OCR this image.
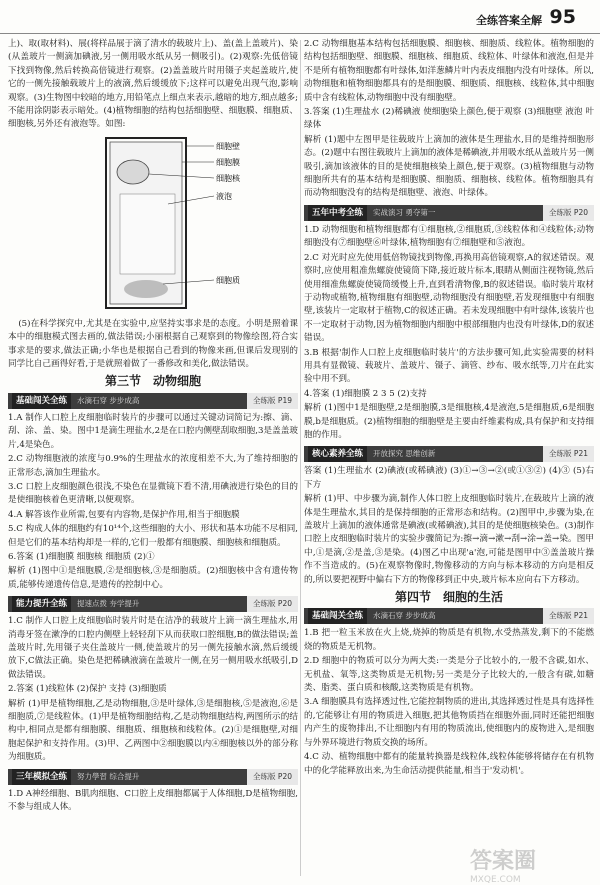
全练答案全解 95

上)、取(取材料)、展(将样品展于滴了清水的载玻片上)、盖(盖上盖玻片)、染(从盖玻片一侧滴加碘液,另一侧用吸水纸从另一侧吸引)。(2)观察:先低倍镜下找到物像,然后转换高倍镜进行观察。(2)盖盖玻片时用镊子夹起盖玻片,使它的一侧先接触载玻片上的液滴,然后缓缓放下;这样可以避免出现气泡,影响观察。(3)生物图中较暗的地方,用铅笔点上细点来表示,越暗的地方,细点越多;不能用涂阴影表示暗处。(4)植物细胞的结构包括细胞壁、细胞膜、细胞质、细胞核,另外还有液泡等。如图:

细胞壁
细胞膜
细胞核
液泡
细胞质

(5)在科学探究中,尤其是在实验中,应坚持实事求是的态度。小明是照着课本中的细胞模式图去画的,做法错误;小丽根据自己观察到的物像绘图,符合实事求是的要求,做法正确;小华也是根据自己看到的物像来画,但课后发现别的同学比自己画得好看,于是就照着做了一番修改和美化,做法错误。

第三节 动物细胞
基础闯关全练	水滴石穿 步步成高	全练版 P19

1.A 制作人口腔上皮细胞临时装片的步骤可以通过关键动词简记为:擦、滴、刮、涂、盖、染。图中1是滴生理盐水,2是在口腔内侧壁刮取细胞,3是盖盖玻片,4是染色。

2.C 动物细胞液的浓度与0.9%的生理盐水的浓度相差不大,为了维持细胞的正常形态,滴加生理盐水。

3.C 口腔上皮细胞颜色很浅,不染色在显微镜下看不清,用碘液进行染色的目的是使细胞核着色更清晰,以便观察。

4.A 解答该作业所需,包要有内容物,是保护作用,相当于细胞膜

5.C 构成人体的细胞约有10¹⁴个,这些细胞的大小、形状和基本功能不尽相同,但是它们的基本结构却是一样的,它们一般都有细胞膜、细胞核和细胞质。

6.答案 (1)细胞膜 细胞核 细胞质 (2)①

解析 (1)图中①是细胞膜,②是细胞核,③是细胞质。(2)细胞核中含有遗传物质,能够传递遗传信息,是遗传的控制中心。

能力提升全练	提速点拨 夯学提升	全练版 P20

1.C 制作人口腔上皮细胞临时装片时是在洁净的载玻片上滴一滴生理盐水,用消毒牙签在漱净的口腔内侧壁上轻轻刮下从而获取口腔细胞,B的做法错误;盖盖玻片时,先用镊子夹住盖玻片一侧,使盖玻片的另一侧先接触水滴,然后缓缓放下,C做法正确。染色是把稀碘液滴在盖玻片一侧,在另一侧用吸水纸吸引,D做法错误。

2.答案 (1)线粒体 (2)保护 支持 (3)细胞质

解析 (1)甲是植物细胞,乙是动物细胞,③是叶绿体,③是细胞核,⑤是液泡,⑥是细胞质,⑦是线粒体。(1)甲是植物细胞结构,乙是动物细胞结构,两图所示的结构中,相同点是都有细胞膜、细胞质、细胞核和线粒体。(2)①是细胞壁,对细胞起保护和支持作用。(3)甲、乙两图中②细胞膜以内④细胞核以外的部分称为细胞质。

三年模拟全练	努力學習 综合提升	全练版 P20

1.D A神经细胞、B肌肉细胞、C口腔上皮细胞都属于人体细胞,D是植物细胞,不参与组成人体。

2.C 动物细胞基本结构包括细胞膜、细胞核、细胞质、线粒体。植物细胞的结构包括细胞壁、细胞膜、细胞核、细胞质、线粒体、叶绿体和液泡,但是并不是所有植物细胞都有叶绿体,如洋葱鳞片叶内表皮细胞内没有叶绿体。所以,动物细胞和植物细胞都具有的是细胞膜、细胞质、细胞核、线粒体,其中细胞质中含有线粒体,动物细胞中没有细胞壁。

3.答案 (1)生理盐水 (2)稀碘液 使细胞染上颜色,便于观察 (3)细胞壁 液泡 叶绿体

解析 (1)题中左图甲是往载玻片上滴加的液体是生理盐水,目的是维持细胞形态。(2)题中右图往载玻片上滴加的液体是稀碘液,并用吸水纸从盖玻片另一侧吸引,滴加该液体的目的是使细胞核染上颜色,便于观察。(3)植物细胞与动物细胞所共有的基本结构是细胞膜、细胞质、细胞核、线粒体。植物细胞具有而动物细胞没有的结构是细胞壁、液泡、叶绿体。

五年中考全练	实战演习 勇夺第一	全练版 P20

1.D 动物细胞和植物细胞都有①细胞核,②细胞质,③线粒体和④线粒体;动物细胞没有⑦细胞壁⑥叶绿体,植物细胞有⑦细胞壁和⑤液泡。

2.C 对光时应先使用低倍物镜找到物像,再换用高倍镜观察,A的叙述错误。观察时,应使用粗准焦螺旋使镜筒下降,接近玻片标本,眼睛从侧面注视物镜,然后使用细准焦螺旋使镜筒缓慢上升,直到看清物像,B的叙述错误。临时装片取材于动物或植物,植物细胞有细胞壁,动物细胞没有细胞壁,若发现细胞中有细胞壁,该装片一定取材于植物,C的叙述正确。若未发现细胞中有叶绿体,该装片也不一定取材于动物,因为植物细胞内细胞中根部细胞内也没有叶绿体,D的叙述错误。

3.B 根据'制作人口腔上皮细胞临时装片'的方法步骤可知,此实验需要的材料用具有显微镜、载玻片、盖玻片、镊子、滴管、纱布、吸水纸等,刀片在此实验中用不到。

4.答案 (1)细胞膜 2 3 5 (2)支持

解析 (1)图中1是细胞壁,2是细胞膜,3是细胞核,4是液泡,5是细胞质,6是细胞膜,b是细胞质。(2)植物细胞的细胞壁是主要由纤维素构成,具有保护和支持细胞的作用。

核心素养全练	开放探究 思维创新	全练版 P21

答案 (1)生理盐水 (2)碘液(或稀碘液) (3)①→③→②(或①③②) (4)③ (5)右下方

解析 (1)甲、中步骤为滴,制作人体口腔上皮细胞临时装片,在载玻片上滴的液体是生理盐水,其目的是保持细胞的正常形态和结构。(2)图甲中,步骤为染,在盖玻片上滴加的液体通常是碘液(或稀碘液),其目的是使细胞核染色。(3)制作口腔上皮细胞临时装片的实验步骤简记为:擦→滴→漱→刮→涂→盖→染。图甲中,①是滴,②是盖,③是染。(4)图乙中出现'a'泡,可能是图甲中③盖盖玻片操作不当造成的。(5)在观察物像时,物像移动的方向与标本移动的方向是相反的,所以要把视野中偏右下方的物像移到正中央,玻片标本应向右下方移动。

第四节 细胞的生活
基础闯关全练	水滴石穿 步步成高	全练版 P21

1.B 把一粒玉米放在火上烧,烧掉的物质是有机物,水受热蒸发,剩下的不能燃烧的物质是无机物。

2.D 细胞中的物质可以分为两大类:一类是分子比较小的,一般不含碳,如水、无机盐、氧等,这类物质是无机物;另一类是分子比较大的,一般含有碳,如糖类、脂类、蛋白质和核酸,这类物质是有机物。

3.A 细胞膜具有选择透过性,它能控制物质的进出,其选择透过性是具有选择性的,它能够让有用的物质进入细胞,把其他物质挡在细胞外面,同时还能把细胞内产生的废物排出,不让细胞内有用的物质流出,使细胞内的废物进入,是细胞与外界环境进行物质交换的场所。

4.C 动、植物细胞中都有的能量转换器是线粒体,线粒体能够将储存在有机物中的化学能释放出来,为生命活动提供能量,相当于'发动机'。

答案圈
MXQE.COM
